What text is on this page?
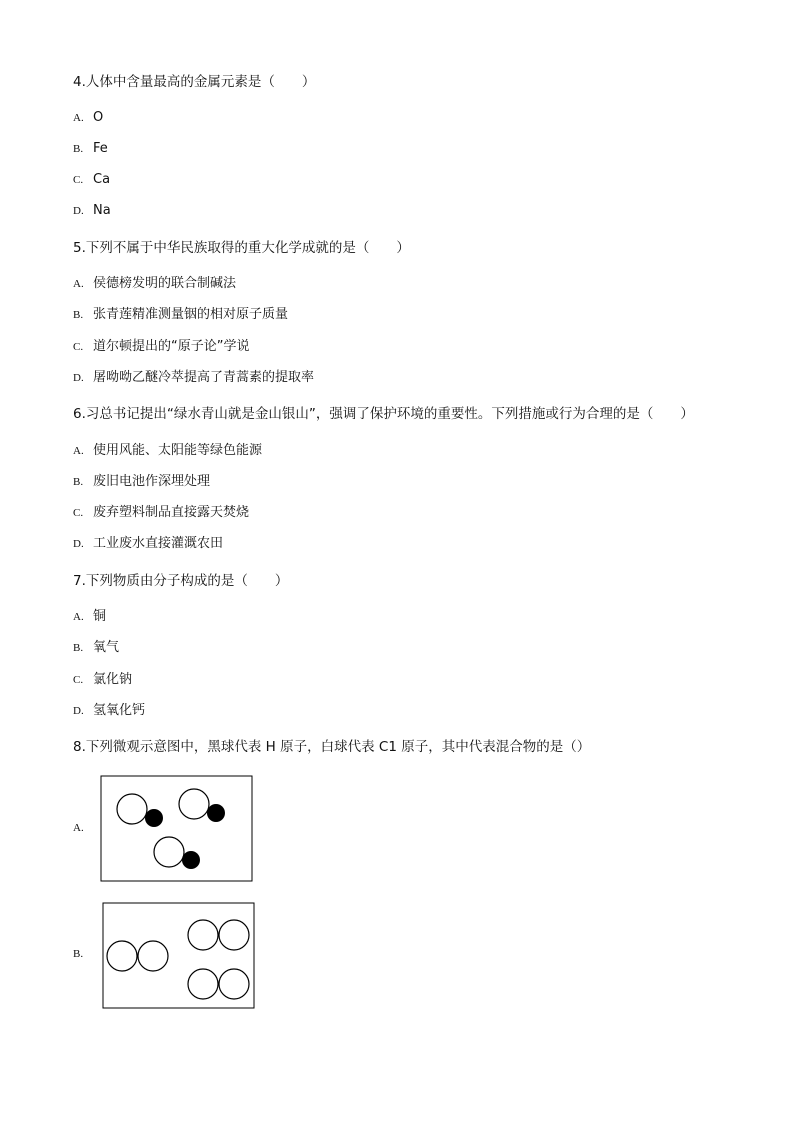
4.人体中含量最高的金属元素是（　　）
A. O
B. Fe
C. Ca
D. Na
5.下列不属于中华民族取得的重大化学成就的是（　　）
A. 侯德榜发明的联合制碱法
B. 张青莲精准测量铟的相对原子质量
C. 道尔顿提出的“原子论”学说
D. 屠呦呦乙醚冷萃提高了青蒿素的提取率
6.习总书记提出“绿水青山就是金山银山”，强调了保护环境的重要性。下列措施或行为合理的是（　　）
A. 使用风能、太阳能等绿色能源
B. 废旧电池作深埋处理
C. 废弃塑料制品直接露天焚烧
D. 工业废水直接灌溉农田
7.下列物质由分子构成的是（　　）
A. 铜
B. 氧气
C. 氯化钠
D. 氢氧化钙
8.下列微观示意图中，黑球代表 H 原子，白球代表 C1 原子，其中代表混合物的是（）
A.
B.
